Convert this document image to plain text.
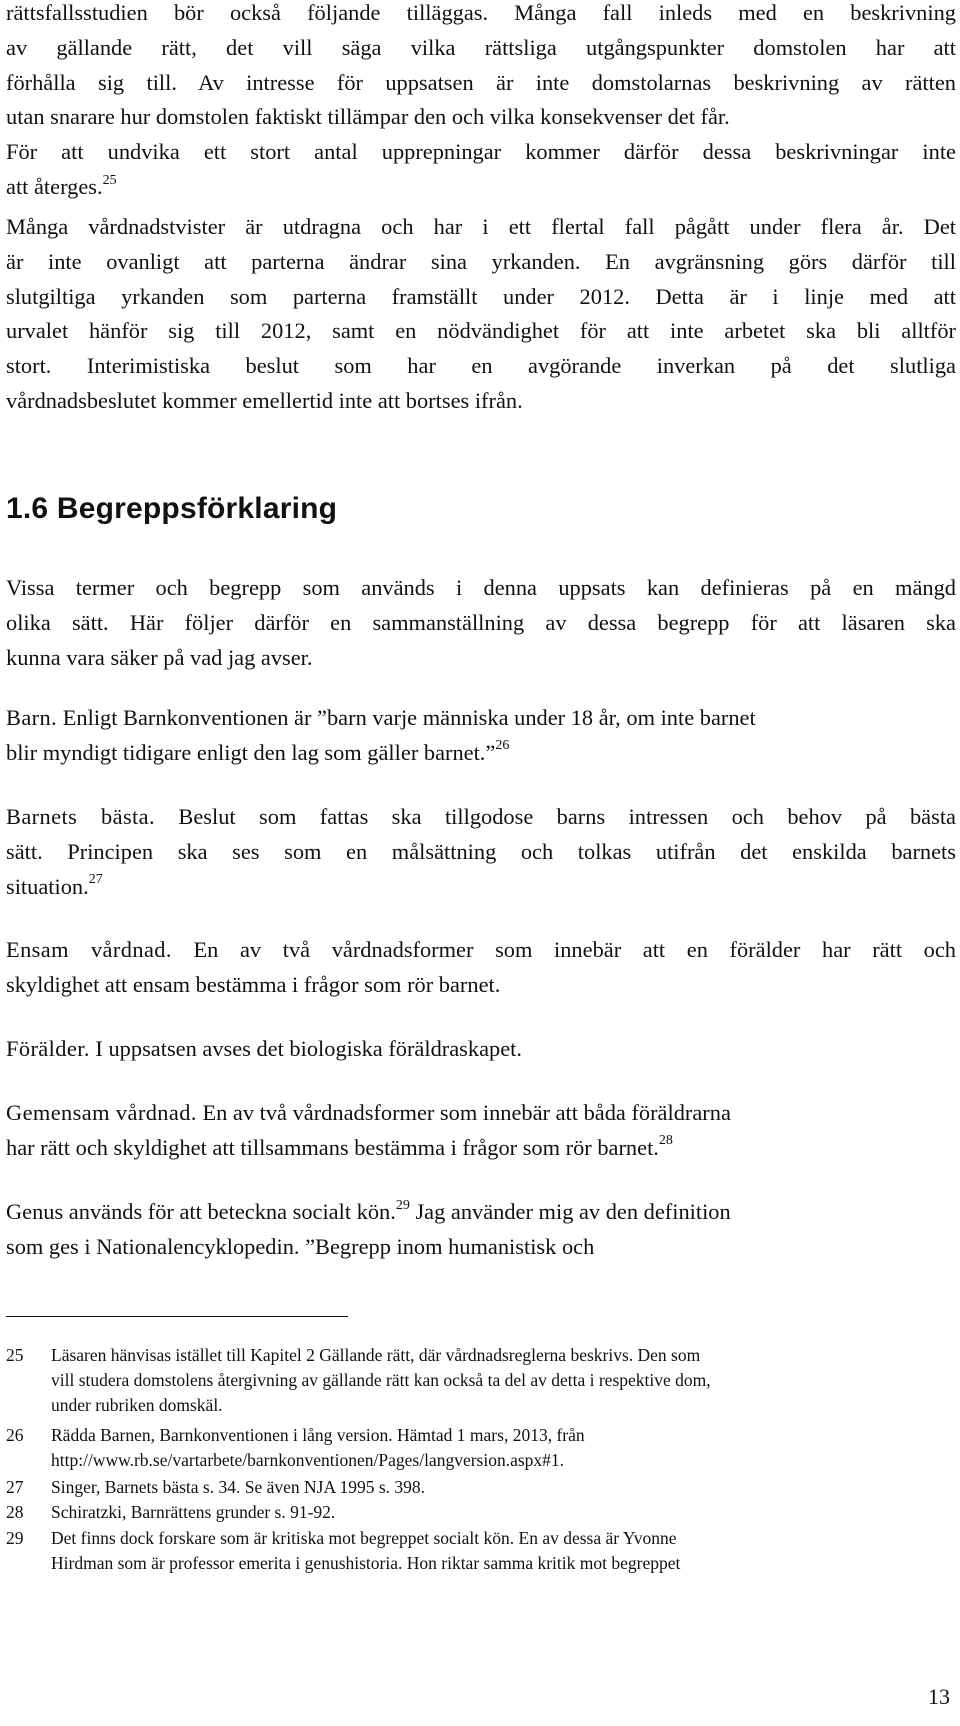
rättsfallsstudien bör också följande tilläggas. Många fall inleds med en beskrivning
av gällande rätt, det vill säga vilka rättsliga utgångspunkter domstolen har att
förhålla sig till. Av intresse för uppsatsen är inte domstolarnas beskrivning av rätten
utan snarare hur domstolen faktiskt tillämpar den och vilka konsekvenser det får.
För att undvika ett stort antal upprepningar kommer därför dessa beskrivningar inte
att återges.$^{25}$

Många vårdnadstvister är utdragna och har i ett flertal fall pågått under flera år. Det
är inte ovanligt att parterna ändrar sina yrkanden. En avgränsning görs därför till
slutgiltiga yrkanden som parterna framställt under 2012. Detta är i linje med att
urvalet hänför sig till 2012, samt en nödvändighet för att inte arbetet ska bli alltför
stort. Interimistiska beslut som har en avgörande inverkan på det slutliga
vårdnadsbeslutet kommer emellertid inte att bortses ifrån.

1.6 Begreppsförklaring

Vissa termer och begrepp som används i denna uppsats kan definieras på en mängd
olika sätt. Här följer därför en sammanställning av dessa begrepp för att läsaren ska
kunna vara säker på vad jag avser.

Barn. Enligt Barnkonventionen är ”barn varje människa under 18 år, om inte barnet
blir myndigt tidigare enligt den lag som gäller barnet.”$^{26}$

Barnets bästa. Beslut som fattas ska tillgodose barns intressen och behov på bästa
sätt. Principen ska ses som en målsättning och tolkas utifrån det enskilda barnets
situation.$^{27}$

Ensam vårdnad. En av två vårdnadsformer som innebär att en förälder har rätt och
skyldighet att ensam bestämma i frågor som rör barnet.

Förälder. I uppsatsen avses det biologiska föräldraskapet.

Gemensam vårdnad. En av två vårdnadsformer som innebär att båda föräldrarna
har rätt och skyldighet att tillsammans bestämma i frågor som rör barnet.$^{28}$

Genus används för att beteckna socialt kön.$^{29}$ Jag använder mig av den definition
som ges i Nationalencyklopedin. ”Begrepp inom humanistisk och

25	Läsaren hänvisas istället till Kapitel 2 Gällande rätt, där vårdnadsreglerna beskrivs. Den som
vill studera domstolens återgivning av gällande rätt kan också ta del av detta i respektive dom,
under rubriken domskäl.
26	Rädda Barnen, Barnkonventionen i lång version. Hämtad 1 mars, 2013, från
http://www.rb.se/vartarbete/barnkonventionen/Pages/langversion.aspx#1.
27	Singer, Barnets bästa s. 34. Se även NJA 1995 s. 398.
28	Schiratzki, Barnrättens grunder s. 91-92.
29	Det finns dock forskare som är kritiska mot begreppet socialt kön. En av dessa är Yvonne
Hirdman som är professor emerita i genushistoria. Hon riktar samma kritik mot begreppet
13
